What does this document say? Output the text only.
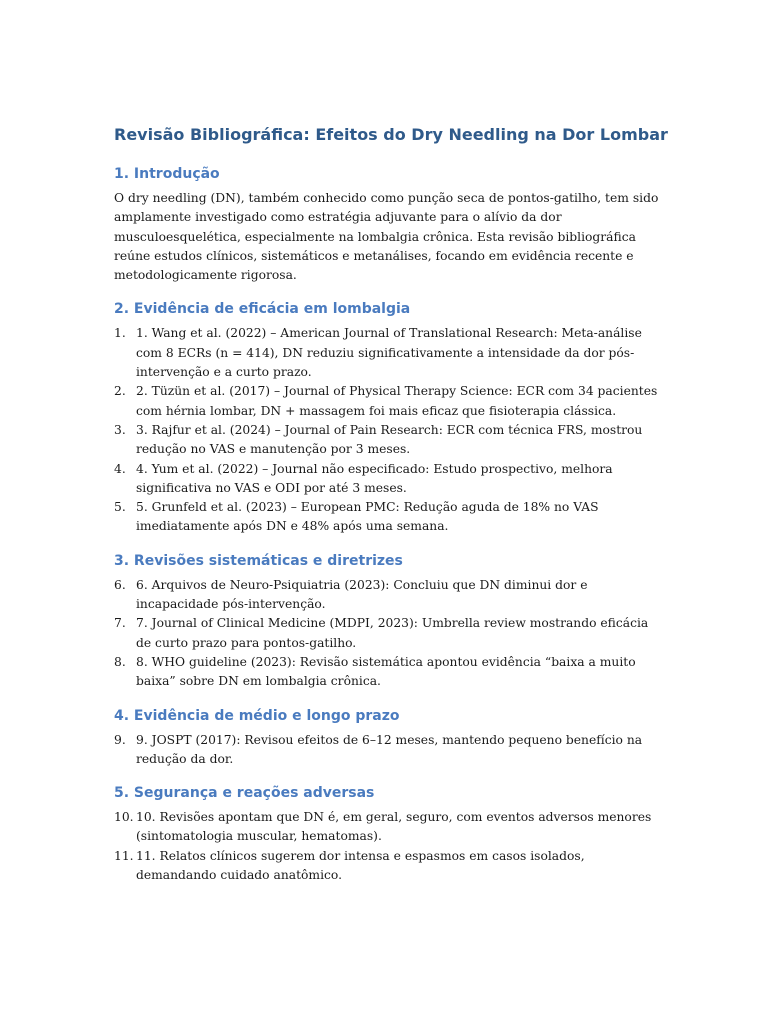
Revisão Bibliográfica: Efeitos do Dry Needling na Dor Lombar
1. Introdução

O dry needling (DN), também conhecido como punção seca de pontos-gatilho, tem sido amplamente investigado como estratégia adjuvante para o alívio da dor musculoesquelética, especialmente na lombalgia crônica. Esta revisão bibliográfica reúne estudos clínicos, sistemáticos e metanálises, focando em evidência recente e metodologicamente rigorosa.

2. Evidência de eficácia em lombalgia
1. 1. Wang et al. (2022) – American Journal of Translational Research: Meta-análise com 8 ECRs (n = 414), DN reduziu significativamente a intensidade da dor pós-intervenção e a curto prazo.
2. 2. Tüzün et al. (2017) – Journal of Physical Therapy Science: ECR com 34 pacientes com hérnia lombar, DN + massagem foi mais eficaz que fisioterapia clássica.
3. 3. Rajfur et al. (2024) – Journal of Pain Research: ECR com técnica FRS, mostrou redução no VAS e manutenção por 3 meses.
4. 4. Yum et al. (2022) – Journal não especificado: Estudo prospectivo, melhora significativa no VAS e ODI por até 3 meses.
5. 5. Grunfeld et al. (2023) – European PMC: Redução aguda de 18% no VAS imediatamente após DN e 48% após uma semana.
3. Revisões sistemáticas e diretrizes
6. 6. Arquivos de Neuro-Psiquiatria (2023): Concluiu que DN diminui dor e incapacidade pós-intervenção.
7. 7. Journal of Clinical Medicine (MDPI, 2023): Umbrella review mostrando eficácia de curto prazo para pontos-gatilho.
8. 8. WHO guideline (2023): Revisão sistemática apontou evidência “baixa a muito baixa” sobre DN em lombalgia crônica.
4. Evidência de médio e longo prazo
9. 9. JOSPT (2017): Revisou efeitos de 6–12 meses, mantendo pequeno benefício na redução da dor.
5. Segurança e reações adversas
10. 10. Revisões apontam que DN é, em geral, seguro, com eventos adversos menores (sintomatologia muscular, hematomas).
11. 11. Relatos clínicos sugerem dor intensa e espasmos em casos isolados, demandando cuidado anatômico.
